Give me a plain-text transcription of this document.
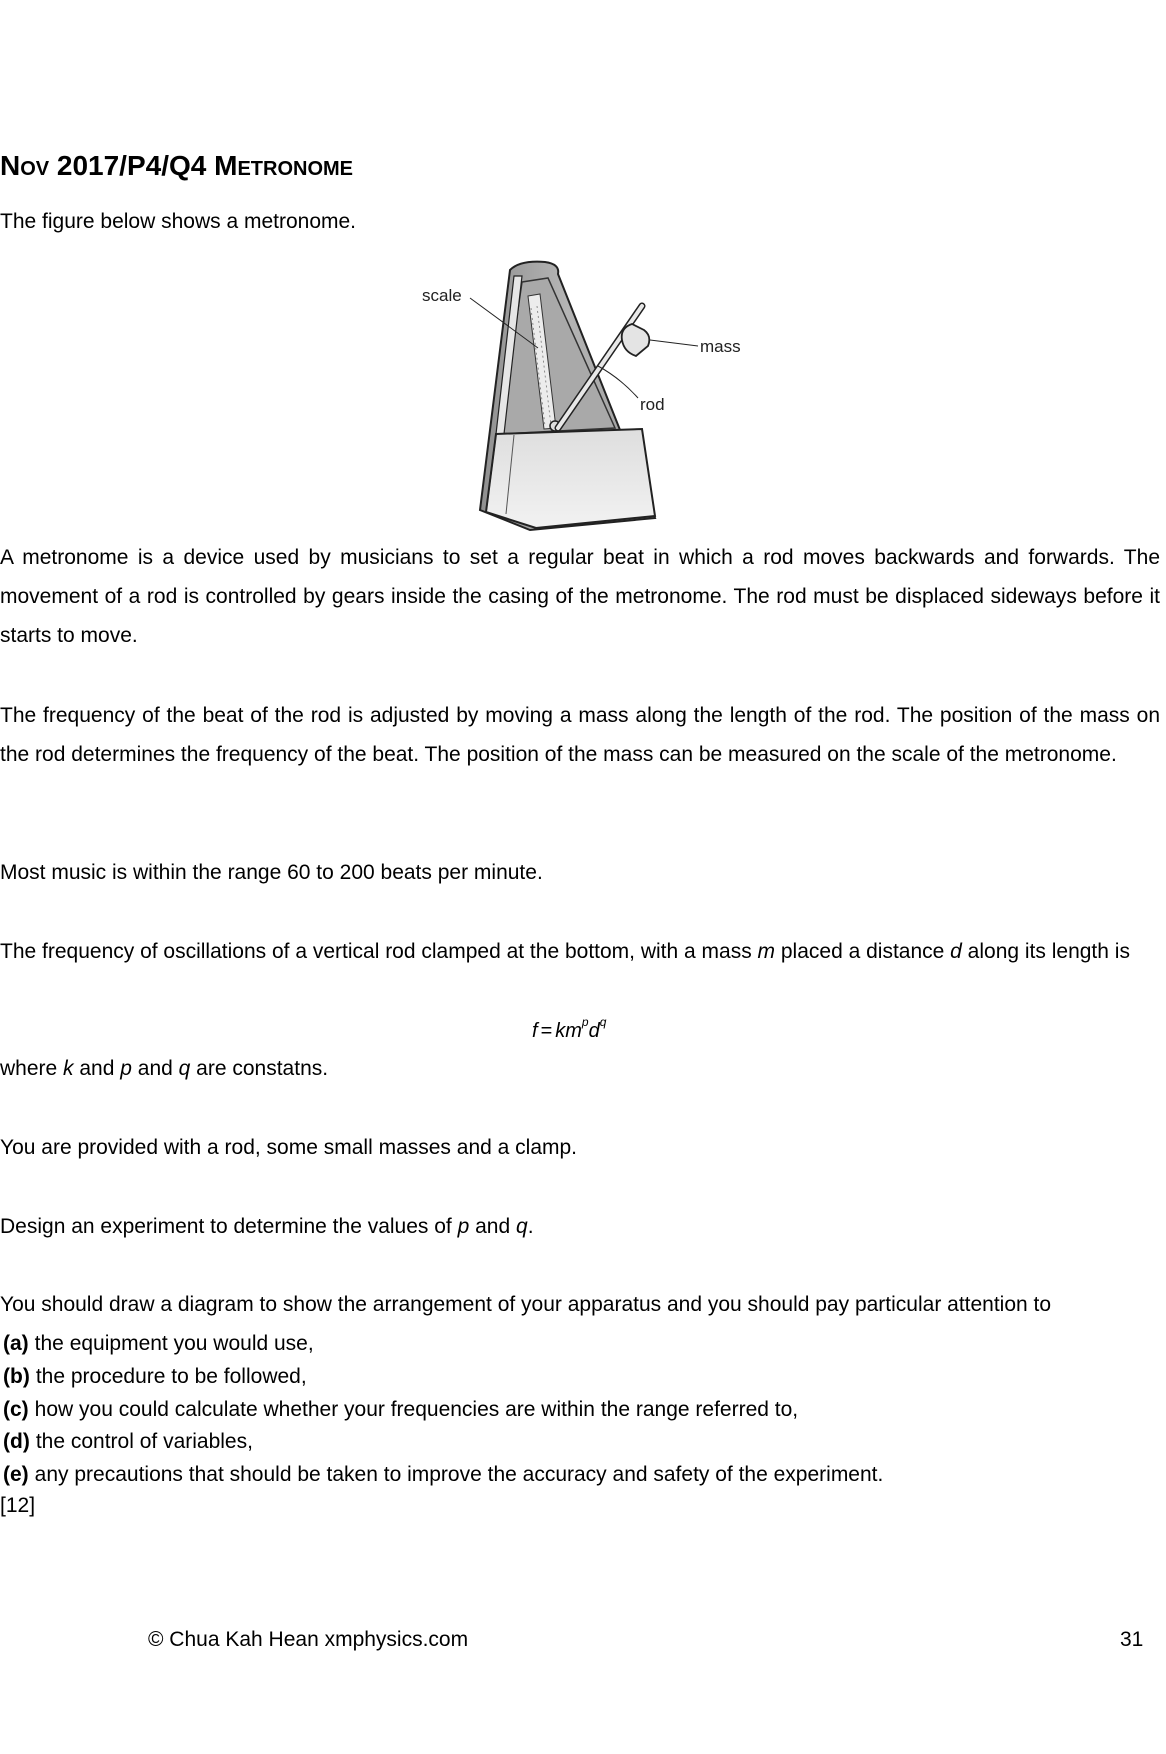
Nov 2017/P4/Q4 Metronome
The figure below shows a metronome.
scale
mass
rod
A metronome is a device used by musicians to set a regular beat in which a rod moves backwards and forwards. The movement of a rod is controlled by gears inside the casing of the metronome. The rod must be displaced sideways before it starts to move.
The frequency of the beat of the rod is adjusted by moving a mass along the length of the rod. The position of the mass on the rod determines the frequency of the beat. The position of the mass can be measured on the scale of the metronome.
Most music is within the range 60 to 200 beats per minute.
The frequency of oscillations of a vertical rod clamped at the bottom, with a mass m placed a distance d along its length is
$f = km^pd^q$
where k and p and q are constatns.
You are provided with a rod, some small masses and a clamp.
Design an experiment to determine the values of p and q.
You should draw a diagram to show the arrangement of your apparatus and you should pay particular attention to
(a) the equipment you would use,
(b) the procedure to be followed,
(c) how you could calculate whether your frequencies are within the range referred to,
(d) the control of variables,
(e) any precautions that should be taken to improve the accuracy and safety of the experiment.
[12]
© Chua Kah Hean xmphysics.com	31
